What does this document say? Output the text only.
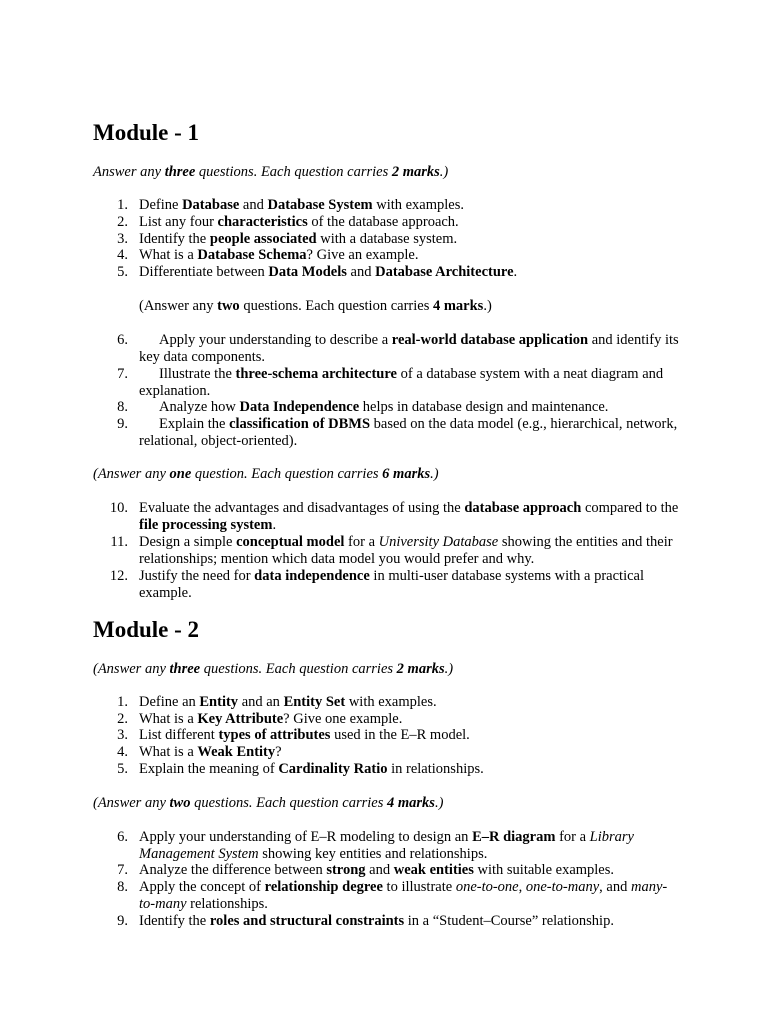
Module - 1

Answer any three questions. Each question carries 2 marks.)

1. Define Database and Database System with examples.
2. List any four characteristics of the database approach.
3. Identify the people associated with a database system.
4. What is a Database Schema? Give an example.
5. Differentiate between Data Models and Database Architecture.

(Answer any two questions. Each question carries 4 marks.)

6.	Apply your understanding to describe a real-world database application and identify its key data components.
7.	Illustrate the three-schema architecture of a database system with a neat diagram and explanation.
8.	Analyze how Data Independence helps in database design and maintenance.
9.	Explain the classification of DBMS based on the data model (e.g., hierarchical, network, relational, object-oriented).

(Answer any one question. Each question carries 6 marks.)

10. Evaluate the advantages and disadvantages of using the database approach compared to the file processing system.
11. Design a simple conceptual model for a University Database showing the entities and their relationships; mention which data model you would prefer and why.
12. Justify the need for data independence in multi-user database systems with a practical example.
Module - 2

(Answer any three questions. Each question carries 2 marks.)

1. Define an Entity and an Entity Set with examples.
2. What is a Key Attribute? Give one example.
3. List different types of attributes used in the E–R model.
4. What is a Weak Entity?
5. Explain the meaning of Cardinality Ratio in relationships.

(Answer any two questions. Each question carries 4 marks.)

6. Apply your understanding of E–R modeling to design an E–R diagram for a Library Management System showing key entities and relationships.
7. Analyze the difference between strong and weak entities with suitable examples.
8. Apply the concept of relationship degree to illustrate one-to-one, one-to-many, and many-to-many relationships.
9. Identify the roles and structural constraints in a “Student–Course” relationship.
